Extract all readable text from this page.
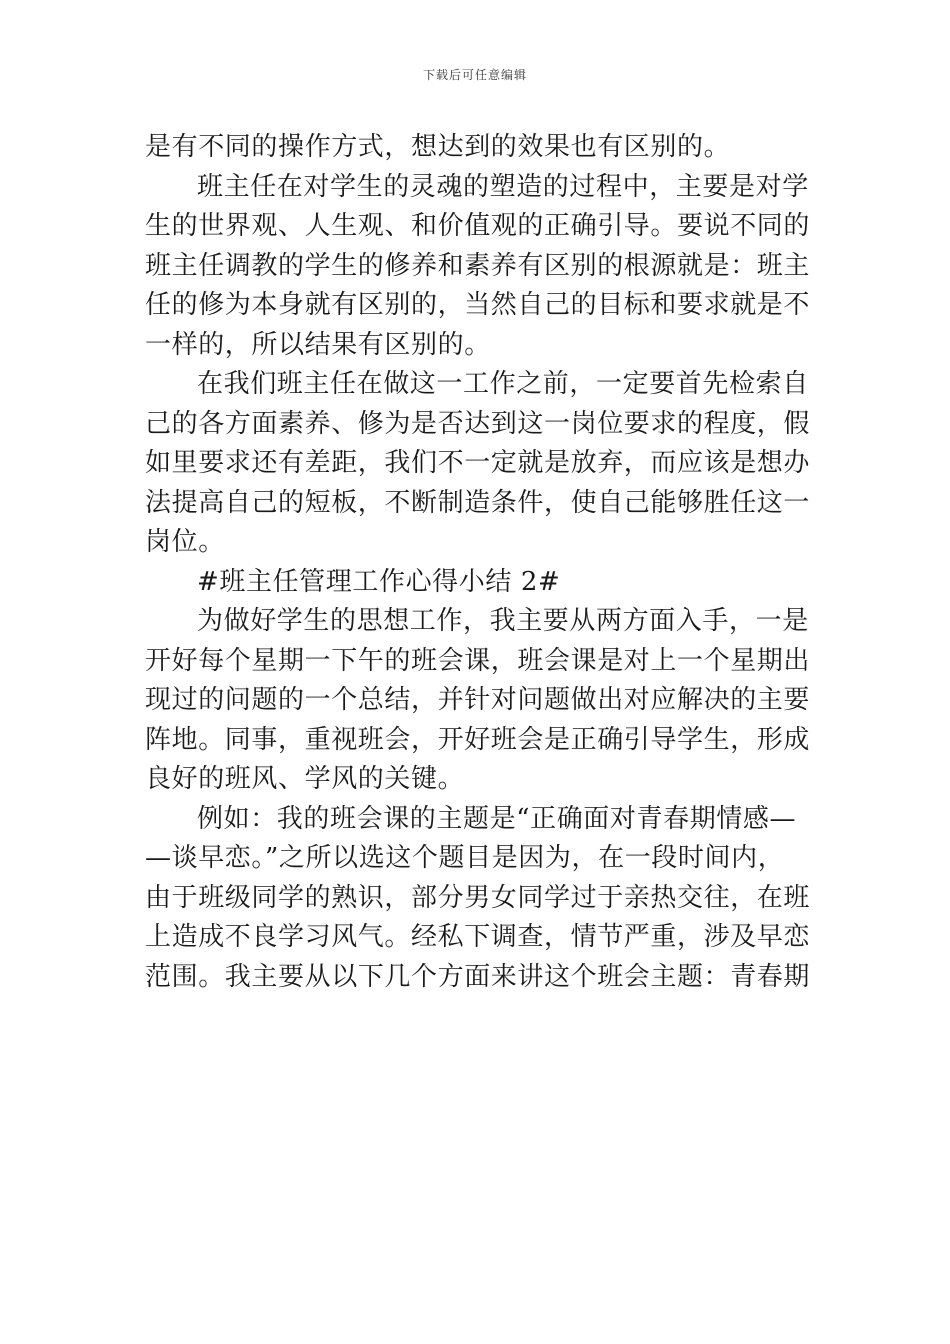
下载后可任意编辑
是有不同的操作方式，想达到的效果也有区别的。
班主任在对学生的灵魂的塑造的过程中，主要是对学
生的世界观、人生观、和价值观的正确引导。要说不同的
班主任调教的学生的修养和素养有区别的根源就是：班主
任的修为本身就有区别的，当然自己的目标和要求就是不
一样的，所以结果有区别的。
在我们班主任在做这一工作之前，一定要首先检索自
己的各方面素养、修为是否达到这一岗位要求的程度，假
如里要求还有差距，我们不一定就是放弃，而应该是想办
法提高自己的短板，不断制造条件，使自己能够胜任这一
岗位。
#班主任管理工作心得小结 2#
为做好学生的思想工作，我主要从两方面入手，一是
开好每个星期一下午的班会课，班会课是对上一个星期出
现过的问题的一个总结，并针对问题做出对应解决的主要
阵地。同事，重视班会，开好班会是正确引导学生，形成
良好的班风、学风的关键。
例如：我的班会课的主题是“正确面对青春期情感—
—谈早恋。”之所以选这个题目是因为，在一段时间内，
由于班级同学的熟识，部分男女同学过于亲热交往，在班
上造成不良学习风气。经私下调查，情节严重，涉及早恋
范围。我主要从以下几个方面来讲这个班会主题：青春期
